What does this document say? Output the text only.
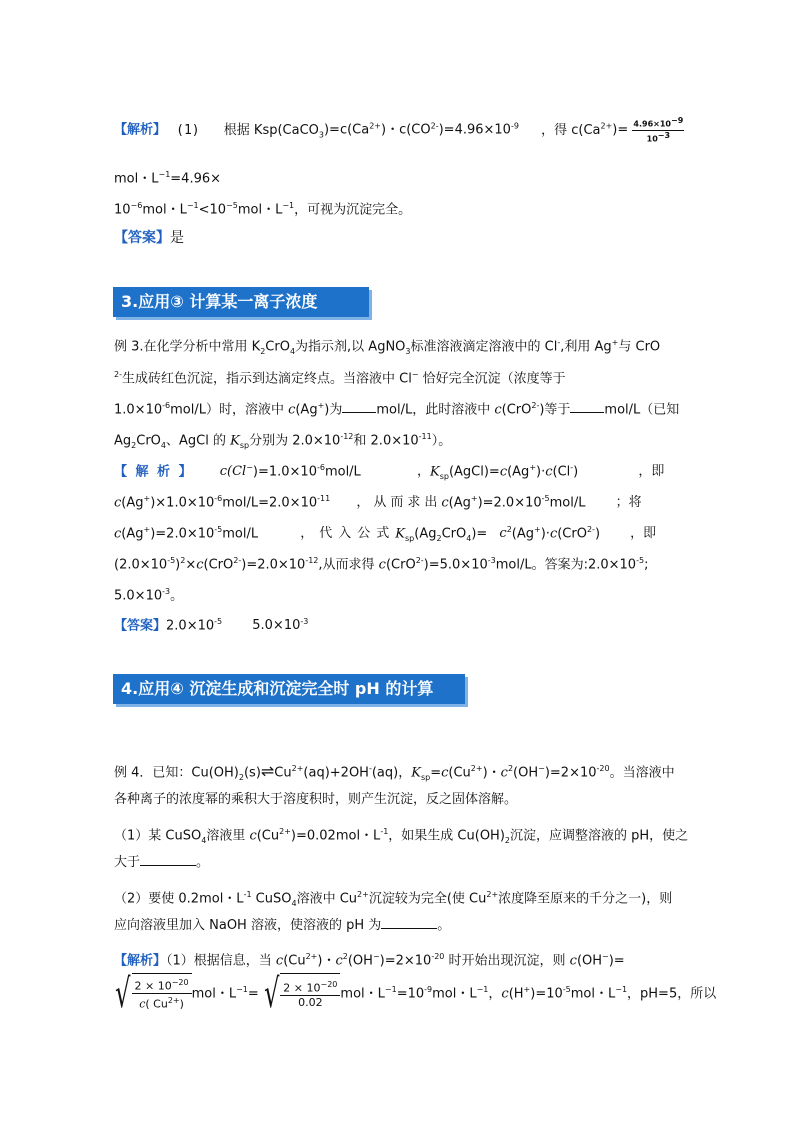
【解析】 (1) 根据 $Ksp(CaCO_3)=c(Ca^{2+})$・$c(CO^{2-})=4.96\times 10^{-9}$ ，得 $c(Ca^{2+})= \frac{4.96\times 10-9}{10-3}$
mol・$L^{-1}=4.96\times$
$10^{-6}mol$・$L^{-1}<10^{-5}mol$・$L^{-1}$，可视为沉淀完全。
【答案】是
3.应用③ 计算某一离子浓度
例 3.在化学分析中常用 $K_2CrO_4$为指示剂,以 AgNO$_3$标准溶液滴定溶液中的 Cl-,利用 Ag+与 CrO
$^{2-}$生成砖红色沉淀，指示到达滴定终点。当溶液中 Cl− 恰好完全沉淀（浓度等于
$1.0\times 10^{-6}mol/L$）时，溶液中 c(Ag+)为	mol/L，此时溶液中 c(CrO$^{2-}$)等于	mol/L（已知
$Ag_2CrO_4$、AgCl 的 $K_{sp}$分别为 $2.0\times 10^{-12}$和 $2.0\times 10^{-11}$）。
【 解 析 】 $c(Cl^-)=1.0\times 10^{-6}mol/L$	，$K_{sp}(AgCl)=c(Ag^+)\cdot c(Cl^-)$	，即
$c(Ag^+)\times 1.0\times 10^{-6}mol/L=2.0\times 10^{-11}$ ，从而求出$c(Ag^+)=2.0\times 10^{-5}mol/L$ ；将
$c(Ag^+)=2.0\times 10^{-5}mol/L$	，代入公式$K_{sp}(Ag_2CrO_4)= c^2(Ag^+)\cdot c(CrO^{2-})$ ，即
$(2.0\times 10^{-5})^2\times c(CrO^{2-})=2.0\times 10^{-12}$,从而求得 $c(CrO^{2-})=5.0\times 10^{-3}mol/L$。答案为$:2.0\times 10^{-5}$;
$5.0\times 10^{-3}$。
【答案】$2.0\times 10^{-5}$ $5.0\times 10^{-3}$
4.应用④ 沉淀生成和沉淀完全时 pH 的计算
例 4．已知：$Cu(OH)_2(s)\rightleftharpoons Cu^{2+}(aq)+2OH^-(aq)$，$K_{sp}=c(Cu^{2+})$・$c^2(OH^-)=2\times 10^{-20}$。当溶液中
各种离子的浓度幂的乘积大于溶度积时，则产生沉淀，反之固体溶解。
（1）某 CuSO$_4$溶液里 $c(Cu^{2+})=0.02mol$・$L^{-1}$，如果生成 $Cu(OH)_2$沉淀，应调整溶液的 pH，使之
大于	。
（2）要使 0.2mol・$L^{-1}$ CuSO$_4$溶液中 $Cu^{2+}$沉淀较为完全(使 $Cu^{2+}$浓度降至原来的千分之一)，则
应向溶液里加入 NaOH 溶液，使溶液的 pH 为	。
【解析】（1）根据信息，当 $c(Cu^{2+})$・$c^2(OH^-)=2\times 10^{-20}$ 时开始出现沉淀，则 c(OH−)=
√ $\frac{2 \times 10^{-20}}{c( Cu^{2+})}$ mol・$L^{-1}=$ √ $\frac{2 \times 10^{-20}}{0.02}$ mol・$L^{-1}=10^{-9}mol$・$L^{-1}$，$c(H^+)=10^{-5}mol$・$L^{-1}$，pH=5，所以
